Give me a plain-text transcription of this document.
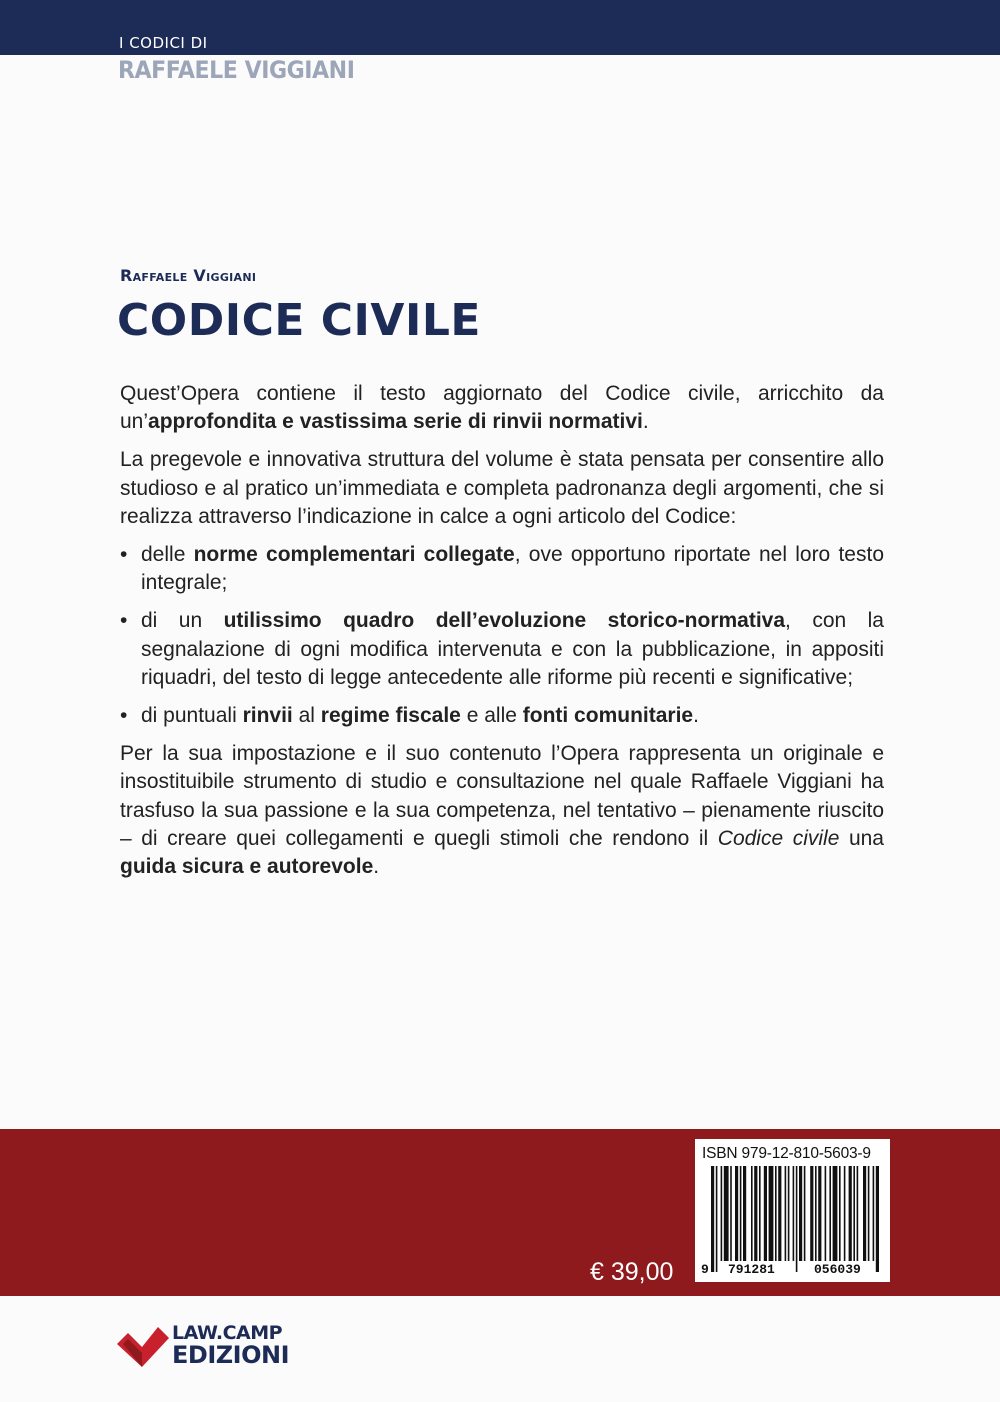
I CODICI DI
RAFFAELE VIGGIANI
Raffaele Viggiani
CODICE CIVILE

Quest’Opera contiene il testo aggiornato del Codice civile, arricchito da un’approfondita e vastissima serie di rinvii normativi.

La pregevole e innovativa struttura del volume è stata pensata per consentire allo studioso e al pratico un’immediata e completa padronanza degli argomenti, che si realizza attraverso l’indicazione in calce a ogni articolo del Codice:

• delle norme complementari collegate, ove opportuno riportate nel loro testo integrale;
• di un utilissimo quadro dell’evoluzione storico-normativa, con la segnalazione di ogni modifica intervenuta e con la pubblicazione, in appositi riquadri, del testo di legge antecedente alle riforme più recenti e significative;
• di puntuali rinvii al regime fiscale e alle fonti comunitarie.

Per la sua impostazione e il suo contenuto l’Opera rappresenta un originale e insostituibile strumento di studio e consultazione nel quale Raffaele Viggiani ha trasfuso la sua passione e la sua competenza, nel tentativo – pienamente riuscito – di creare quei collegamenti e quegli stimoli che rendono il Codice civile una guida sicura e autorevole.

€ 39,00
ISBN 979-12-810-5603-9
9 791281	056039
LAW.CAMP
EDIZIONI
